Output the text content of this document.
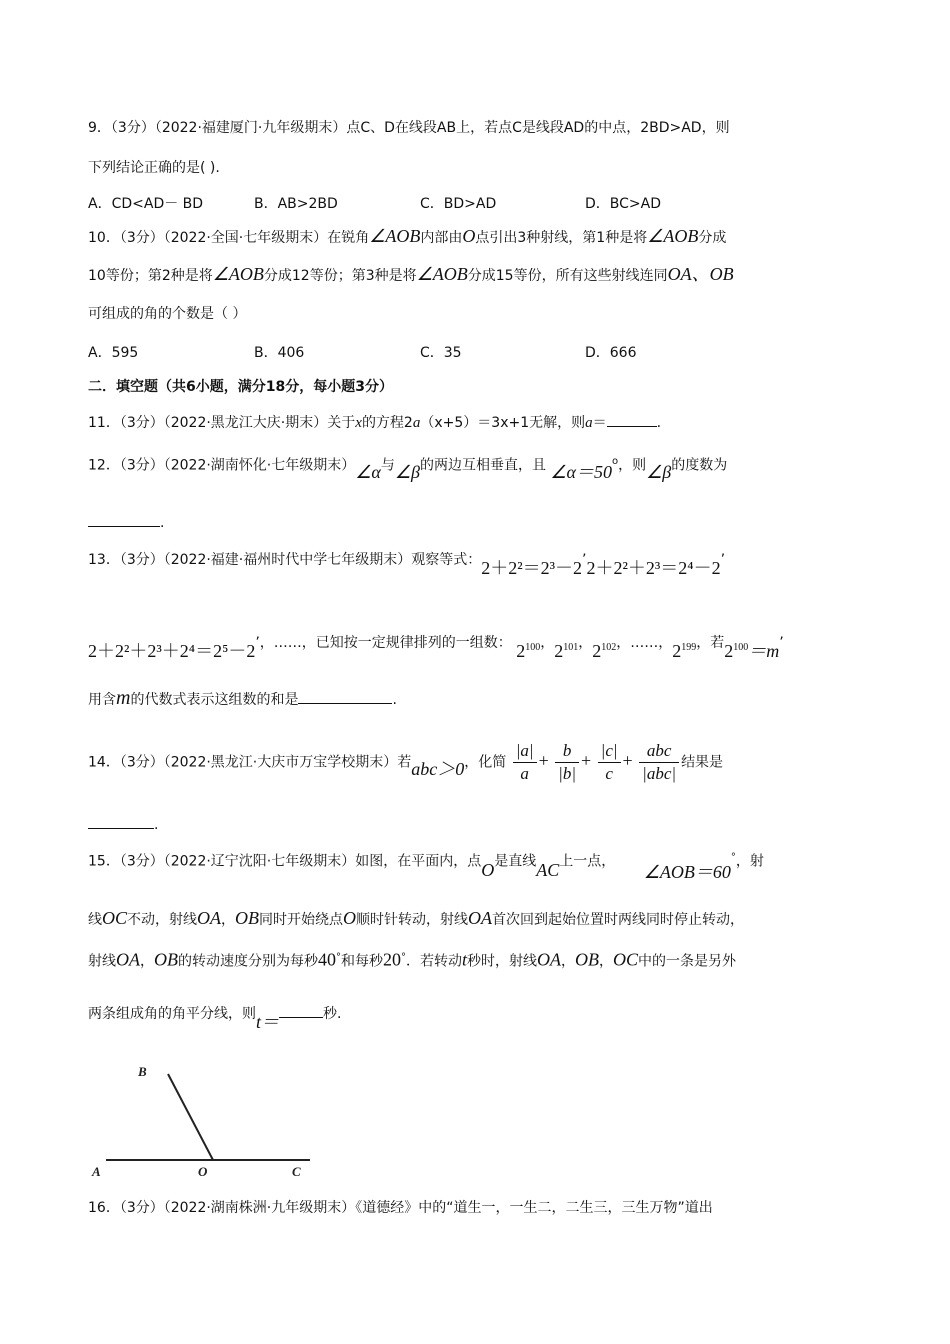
9．（3分）（2022·福建厦门·九年级期末）点C、D在线段AB上，若点C是线段AD的中点，2BD>AD，则
下列结论正确的是( ).
A．CD<AD－ BD	B．AB>2BD	C．BD>AD	D．BC>AD
10．（3分）（2022·全国·七年级期末）在锐角∠AOB内部由O点引出3种射线，第1种是将∠AOB分成
10等份；第2种是将∠AOB分成12等份；第3种是将∠AOB分成15等份，所有这些射线连同OA、OB
可组成的角的个数是（ ）
A．595	B．406	C．35	D．666
二．填空题（共6小题，满分18分，每小题3分）
11．（3分）（2022·黑龙江大庆·期末）关于x的方程2a（x+5）＝3x+1无解，则a＝	.
12．（3分）（2022·湖南怀化·七年级期末）∠α与∠β的两边互相垂直，且 $\angle\alpha=50^o$，则∠β的度数为
.
13．（3分）（2022·福建·福州时代中学七年级期末）观察等式：2＋2²＝2³－2’2＋2²＋2³＝2⁴－2’
2＋2²＋2³＋2⁴＝2⁵－2’，……，已知按一定规律排列的一组数： $2^{100}$，$2^{101}$，$2^{102}$，……，$2^{199}$，若$2^{100}=m$’
用含m的代数式表示这组数的和是	.
14．（3分）（2022·黑龙江·大庆市万宝学校期末）若abc＞0，化简 $\frac{|a|}{a} + \frac{b}{|b|} + \frac{|c|}{c} + \frac{\text{abc}}{\text{|abc|}}$ 结果是
.
15．（3分）（2022·辽宁沈阳·七年级期末）如图，在平面内，点O是直线AC上一点， ∠AOB＝60°，射
线OC不动，射线OA，OB同时开始绕点O顺时针转动，射线OA首次回到起始位置时两线同时停止转动，
射线OA，OB的转动速度分别为每秒40°和每秒20°．若转动t秒时，射线OA，OB，OC中的一条是另外
两条组成角的角平分线，则t＝	秒.
A	O	C
B
16．（3分）（2022·湖南株洲·九年级期末）《道德经》中的“道生一，一生二，二生三，三生万物”道出
